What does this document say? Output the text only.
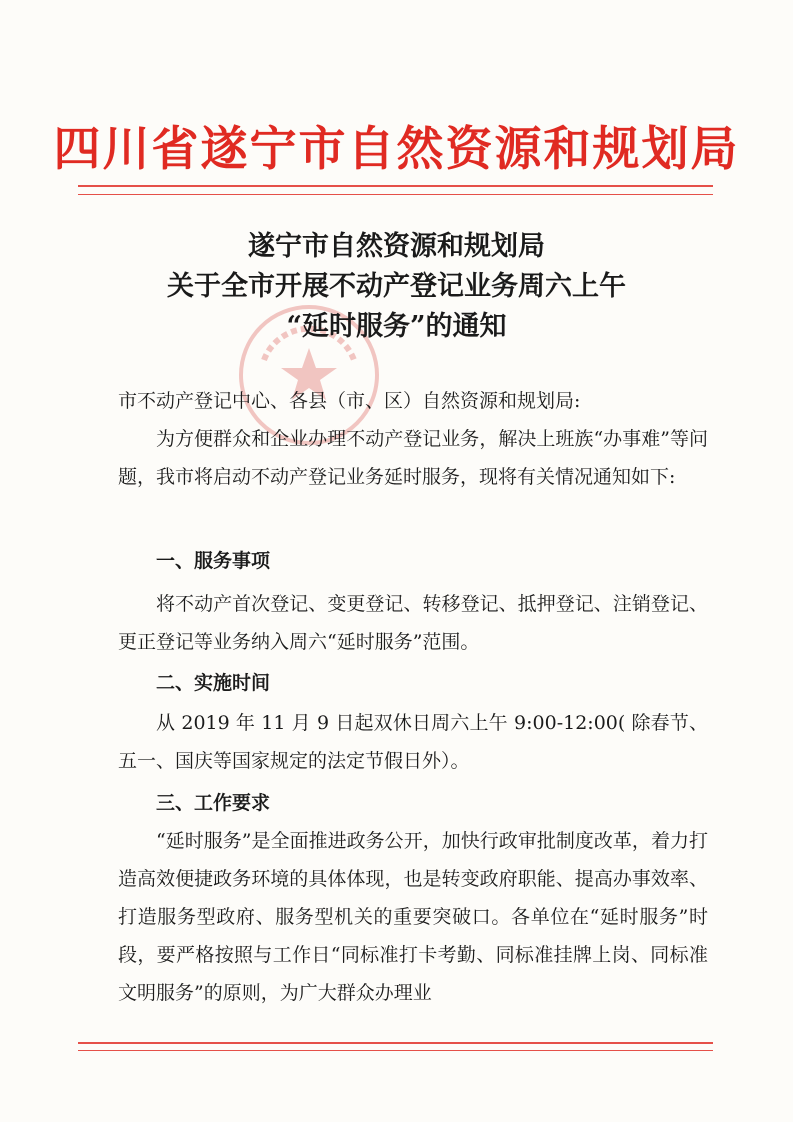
四川省遂宁市自然资源和规划局
遂宁市自然资源和规划局
关于全市开展不动产登记业务周六上午
“延时服务”的通知
市不动产登记中心、各县（市、区）自然资源和规划局:
为方便群众和企业办理不动产登记业务，解决上班族“办事难”等问题，我市将启动不动产登记业务延时服务，现将有关情况通知如下:
一、服务事项
将不动产首次登记、变更登记、转移登记、抵押登记、注销登记、更正登记等业务纳入周六“延时服务”范围。
二、实施时间
从 2019 年 11 月 9 日起双休日周六上午 9:00-12:00( 除春节、五一、国庆等国家规定的法定节假日外）。
三、工作要求
“延时服务”是全面推进政务公开，加快行政审批制度改革，着力打造高效便捷政务环境的具体体现，也是转变政府职能、提高办事效率、打造服务型政府、服务型机关的重要突破口。各单位在“延时服务”时段，要严格按照与工作日“同标准打卡考勤、同标准挂牌上岗、同标准文明服务”的原则，为广大群众办理业
